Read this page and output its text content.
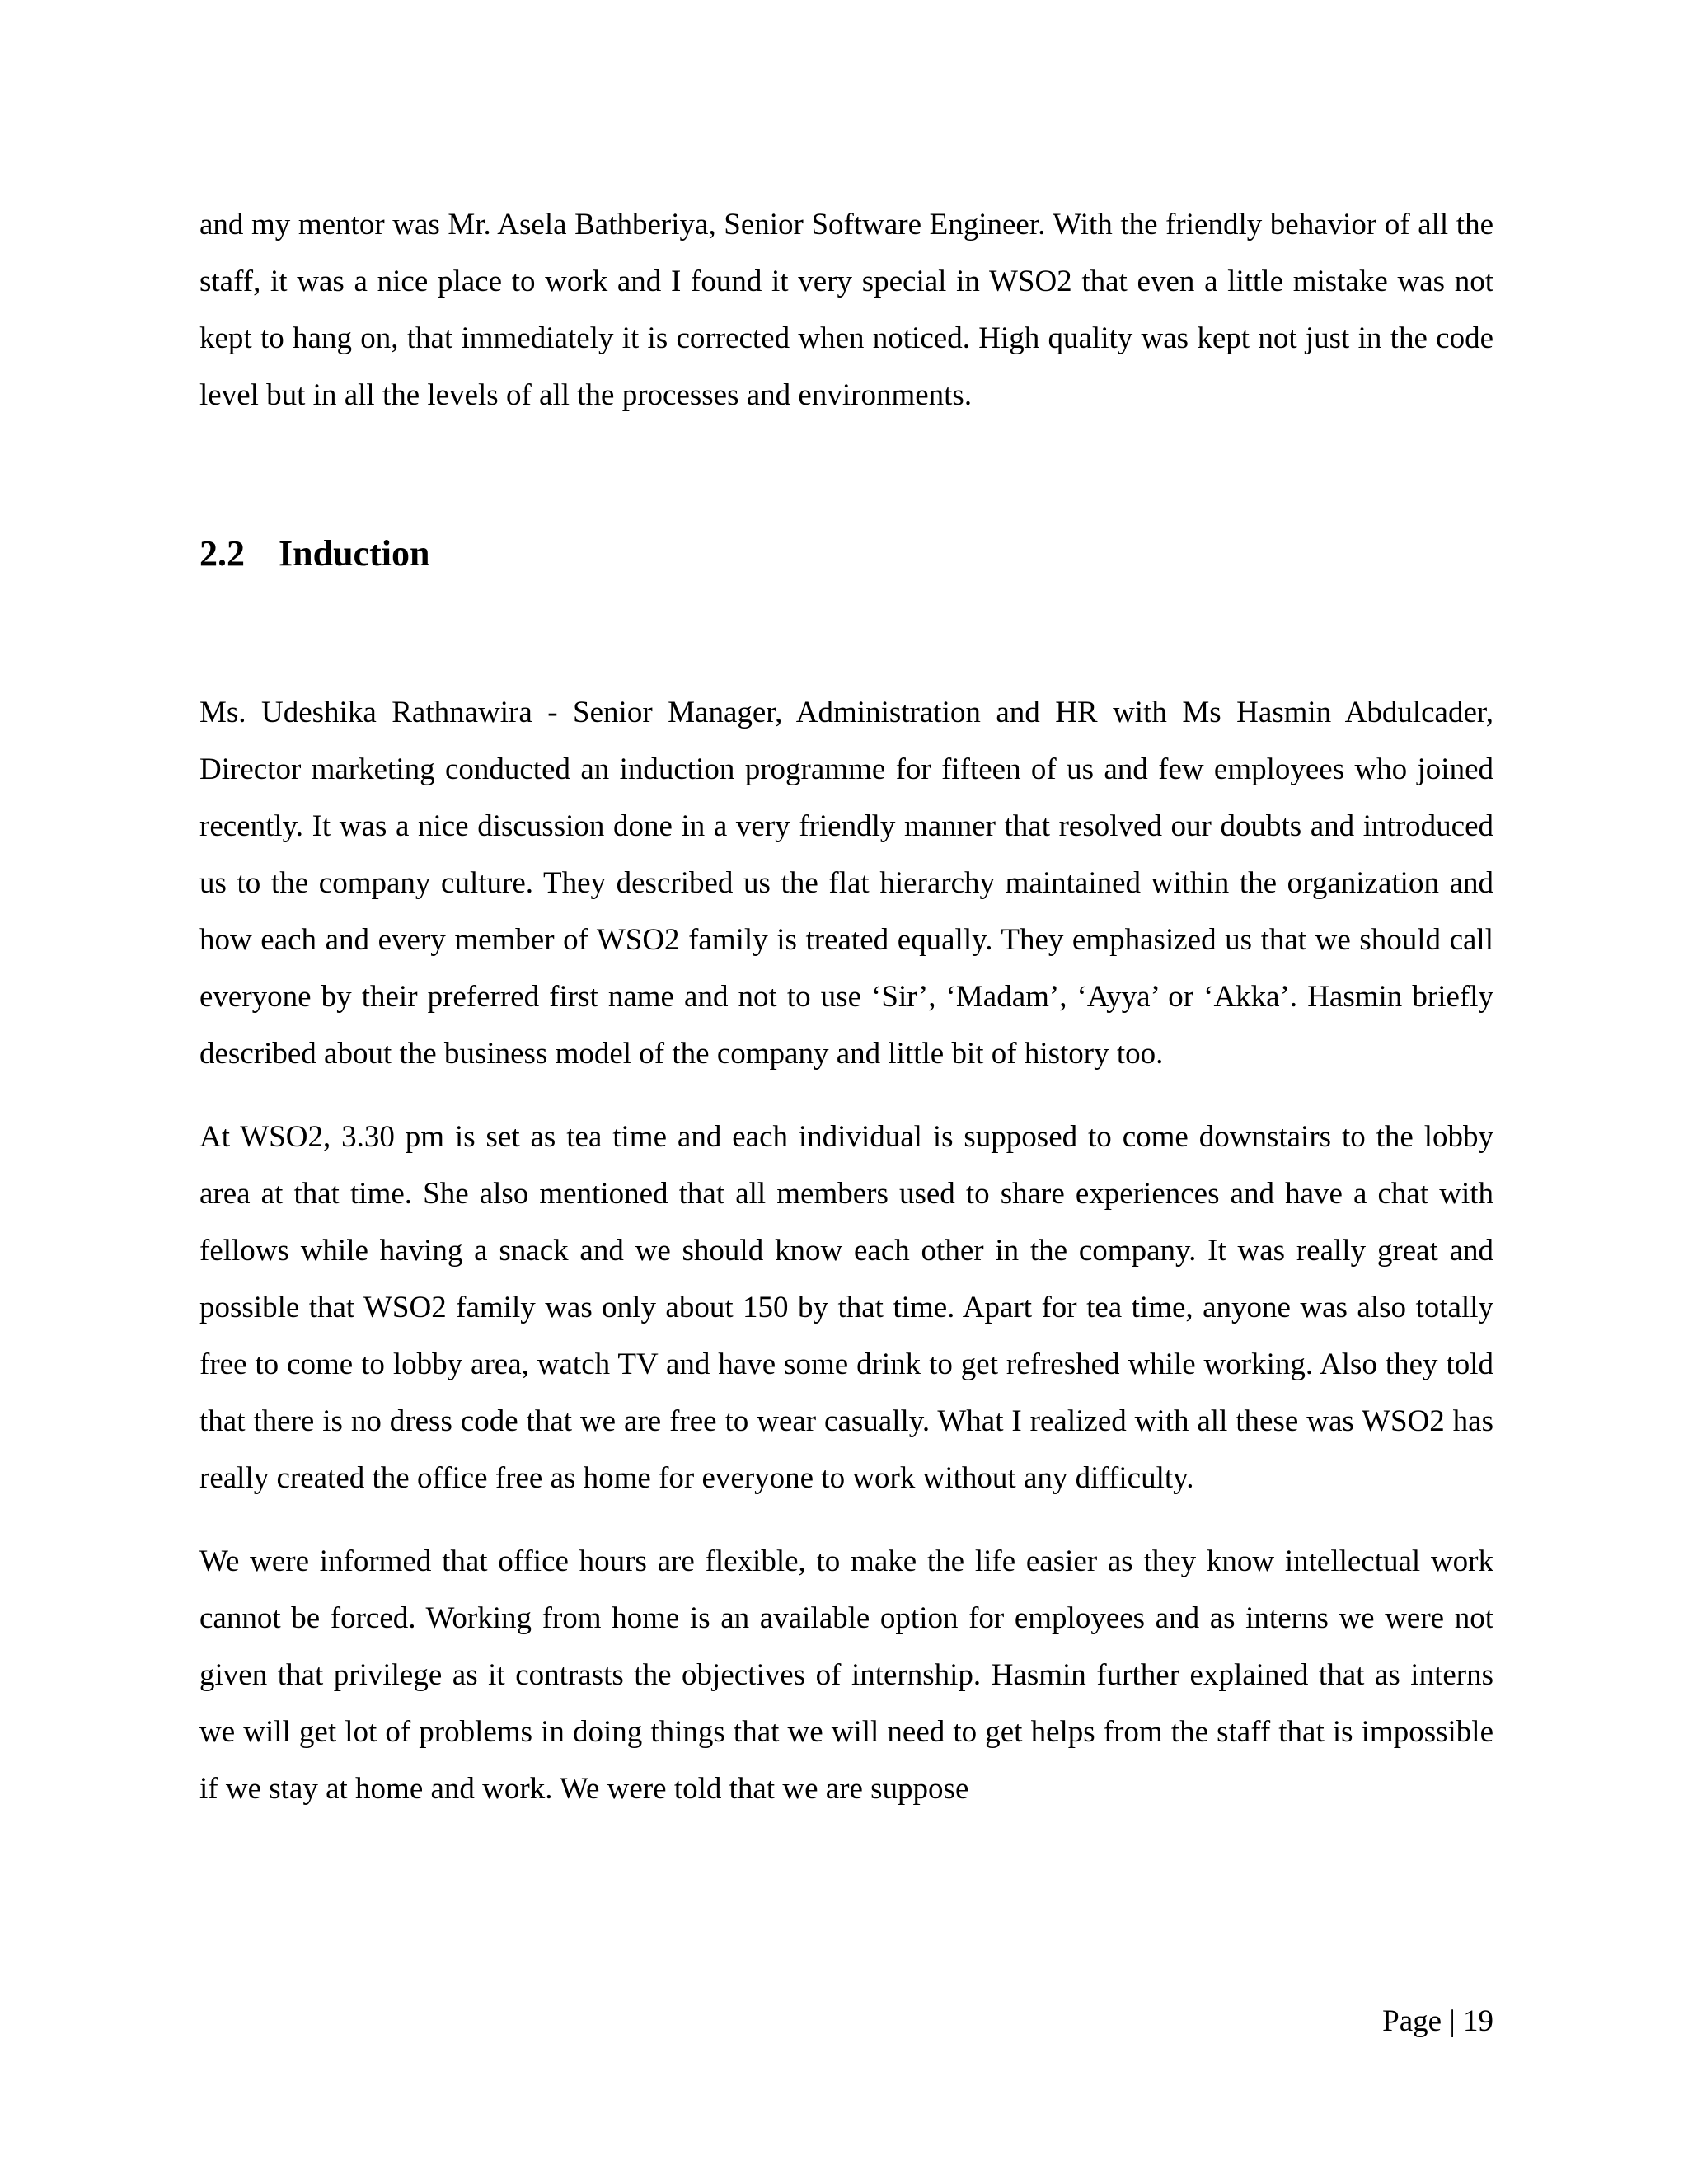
and my mentor was Mr. Asela Bathberiya, Senior Software Engineer. With the friendly behavior of all the staff, it was a nice place to work and I found it very special in WSO2 that even a little mistake was not kept to hang on, that immediately it is corrected when noticed. High quality was kept not just in the code level but in all the levels of all the processes and environments.

2.2 Induction

Ms. Udeshika Rathnawira - Senior Manager, Administration and HR with Ms Hasmin Abdulcader, Director marketing conducted an induction programme for fifteen of us and few employees who joined recently. It was a nice discussion done in a very friendly manner that resolved our doubts and introduced us to the company culture. They described us the flat hierarchy maintained within the organization and how each and every member of WSO2 family is treated equally. They emphasized us that we should call everyone by their preferred first name and not to use ‘Sir’, ‘Madam’, ‘Ayya’ or ‘Akka’. Hasmin briefly described about the business model of the company and little bit of history too.

At WSO2, 3.30 pm is set as tea time and each individual is supposed to come downstairs to the lobby area at that time. She also mentioned that all members used to share experiences and have a chat with fellows while having a snack and we should know each other in the company. It was really great and possible that WSO2 family was only about 150 by that time. Apart for tea time, anyone was also totally free to come to lobby area, watch TV and have some drink to get refreshed while working. Also they told that there is no dress code that we are free to wear casually. What I realized with all these was WSO2 has really created the office free as home for everyone to work without any difficulty.

We were informed that office hours are flexible, to make the life easier as they know intellectual work cannot be forced. Working from home is an available option for employees and as interns we were not given that privilege as it contrasts the objectives of internship. Hasmin further explained that as interns we will get lot of problems in doing things that we will need to get helps from the staff that is impossible if we stay at home and work. We were told that we are suppose

Page | 19
